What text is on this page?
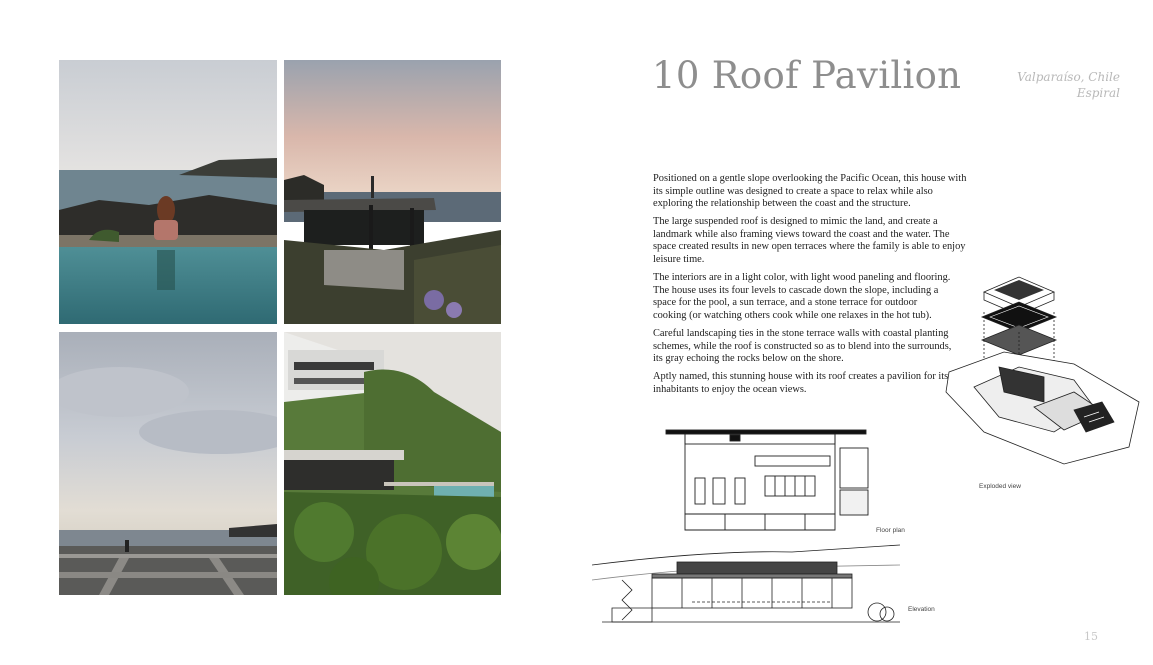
10 Roof Pavilion	Valparaíso, Chile
Espiral

Positioned on a gentle slope overlooking the Pacific Ocean, this house with its simple outline was designed to create a space to relax while also exploring the relationship between the coast and the structure.

The large suspended roof is designed to mimic the land, and create a landmark while also framing views toward the coast and the water. The space created results in new open terraces where the family is able to enjoy leisure time.

The interiors are in a light color, with light wood paneling and flooring. The house uses its four levels to cascade down the slope, including a space for the pool, a sun terrace, and a stone terrace for outdoor cooking (or watching others cook while one relaxes in the hot tub).

Careful landscaping ties in the stone terrace walls with coastal planting schemes, while the roof is constructed so as to blend into the surrounds, its gray echoing the rocks below on the shore.

Aptly named, this stunning house with its roof creates a pavilion for its inhabitants to enjoy the ocean views.

Exploded view
Floor plan
Elevation
15
